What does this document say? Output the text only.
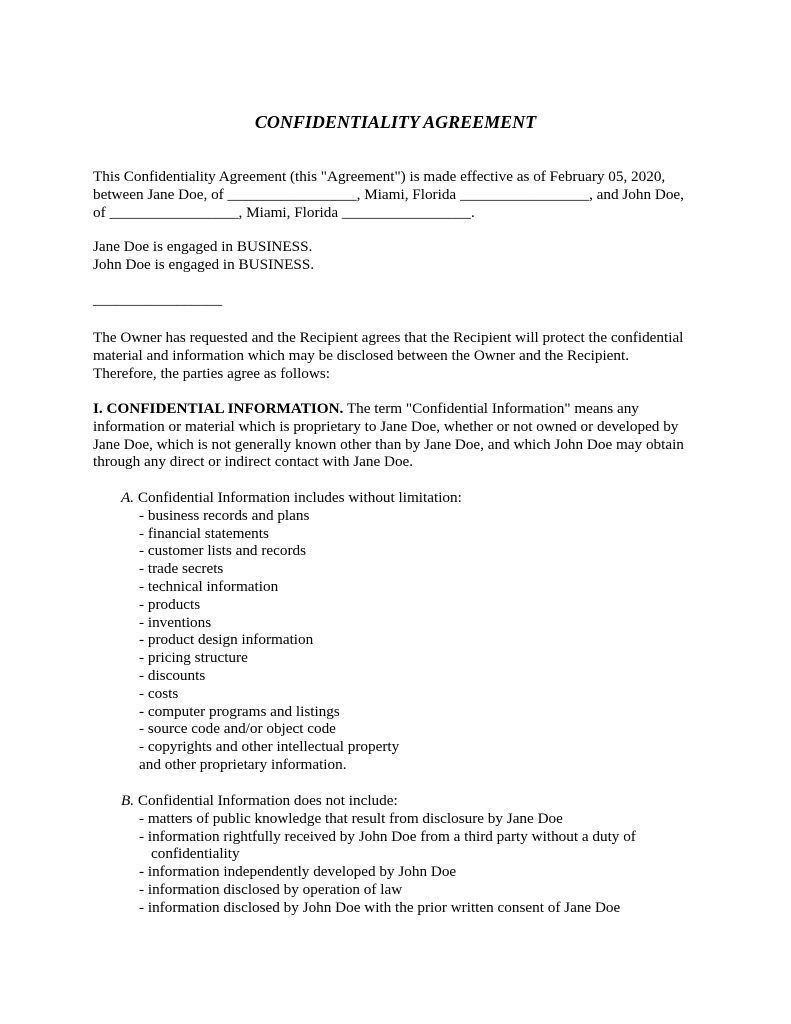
CONFIDENTIALITY AGREEMENT

This Confidentiality Agreement (this "Agreement") is made effective as of February 05, 2020,
between Jane Doe, of _________________, Miami, Florida _________________, and John Doe,
of _________________, Miami, Florida _________________.

Jane Doe is engaged in BUSINESS.
John Doe is engaged in BUSINESS.

_________________

The Owner has requested and the Recipient agrees that the Recipient will protect the confidential
material and information which may be disclosed between the Owner and the Recipient.
Therefore, the parties agree as follows:

I. CONFIDENTIAL INFORMATION. The term "Confidential Information" means any
information or material which is proprietary to Jane Doe, whether or not owned or developed by
Jane Doe, which is not generally known other than by Jane Doe, and which John Doe may obtain
through any direct or indirect contact with Jane Doe.

A. Confidential Information includes without limitation:
- business records and plans
- financial statements
- customer lists and records
- trade secrets
- technical information
- products
- inventions
- product design information
- pricing structure
- discounts
- costs
- computer programs and listings
- source code and/or object code
- copyrights and other intellectual property
and other proprietary information.
B. Confidential Information does not include:
- matters of public knowledge that result from disclosure by Jane Doe
- information rightfully received by John Doe from a third party without a duty of
confidentiality
- information independently developed by John Doe
- information disclosed by operation of law
- information disclosed by John Doe with the prior written consent of Jane Doe
